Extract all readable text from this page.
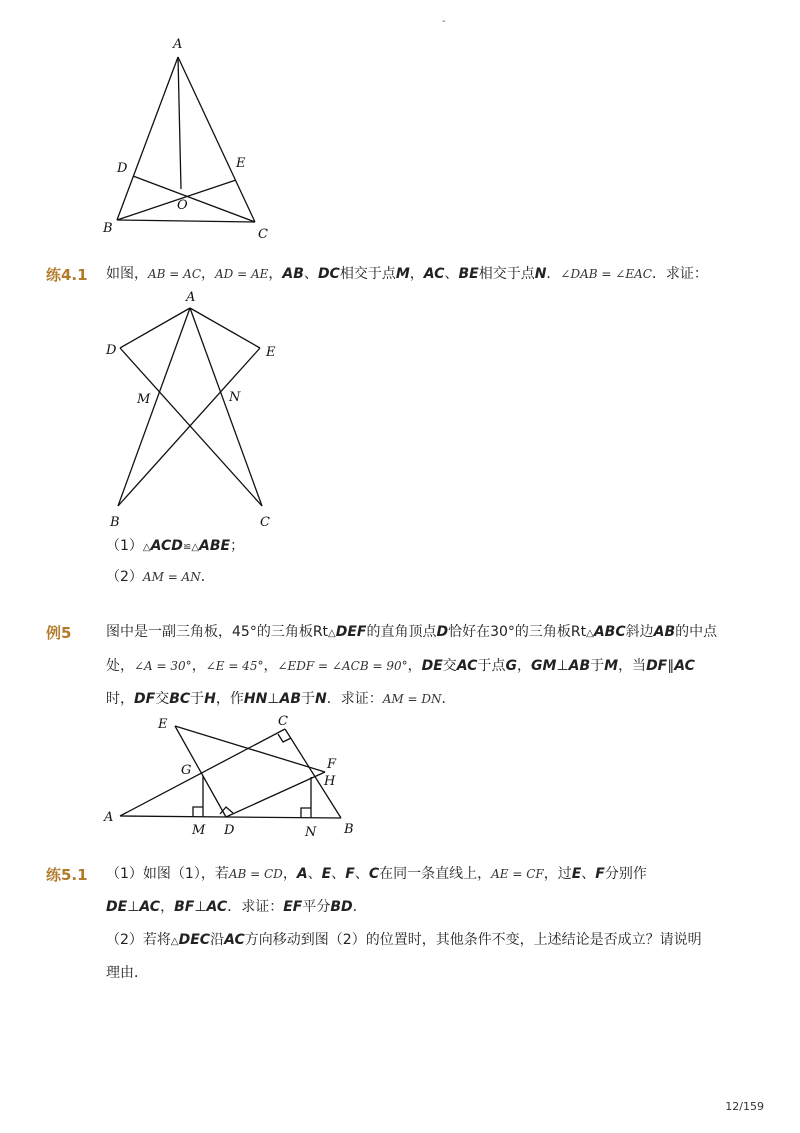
-
A
B	C
D	E
O
练4.1 如图，AB = AC，AD = AE，AB、DC相交于点M，AC、BE相交于点N．∠DAB = ∠EAC．求证：
A
B	C
D	E
M	N
（1）△ACD≌△ABE；
（2）AM = AN．
例5 图中是一副三角板，45°的三角板Rt△DEF的直角顶点D恰好在30°的三角板Rt△ABC斜边AB的中点
处，∠A = 30°，∠E = 45°，∠EDF = ∠ACB = 90°，DE交AC于点G，GM⊥AB于M，当DF∥AC
时，DF交BC于H，作HN⊥AB于N．求证：AM = DN．
A
B
C
D
E
F
G
H
M	N
练5.1 （1）如图（1），若AB = CD，A、E、F、C在同一条直线上，AE = CF，过E、F分别作
DE⊥AC，BF⊥AC．求证：EF平分BD．
（2）若将△DEC沿AC方向移动到图（2）的位置时，其他条件不变，上述结论是否成立？请说明
理由．
12/159
